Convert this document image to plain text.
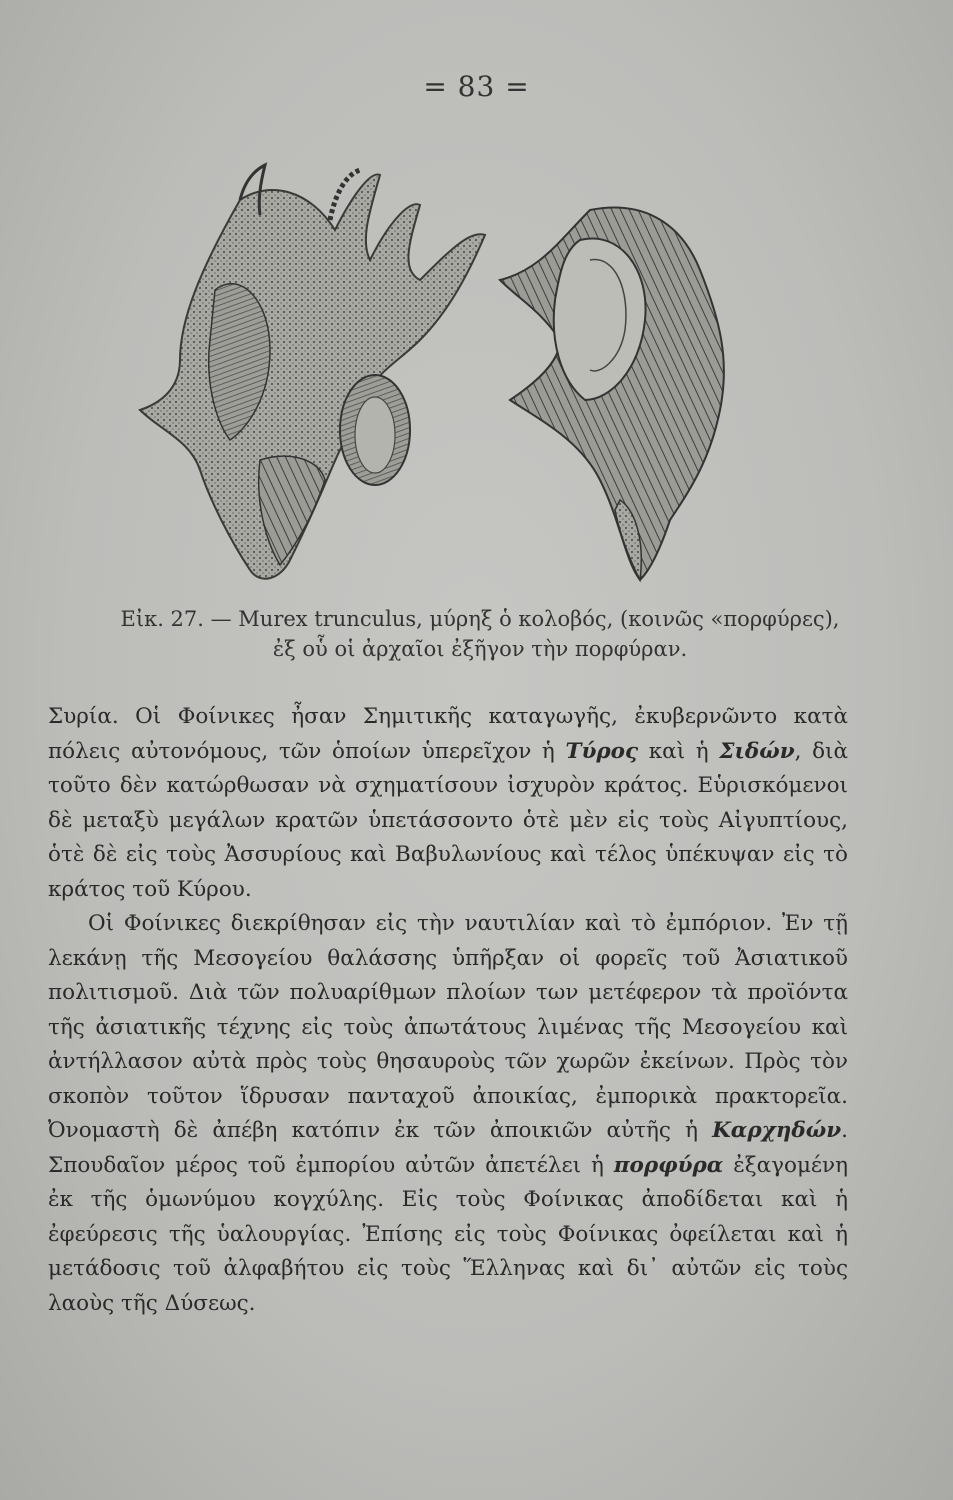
= 83 =
Εἰκ. 27. — Murex trunculus, μύρηξ ὁ κολοβός, (κοινῶς «πορφύρες),
ἐξ οὗ οἱ ἀρχαῖοι ἐξῆγον τὴν πορφύραν.

Συρία. Οἱ Φοίνικες ἦσαν Σημιτικῆς καταγωγῆς, ἐκυβερνῶντο κατὰ πόλεις αὐτονόμους, τῶν ὁποίων ὑπερεῖχον ἡ Τύρος καὶ ἡ Σιδών, διὰ τοῦτο δὲν κατώρθωσαν νὰ σχηματίσουν ἰσχυρὸν κράτος. Εὑρισκόμενοι δὲ μεταξὺ μεγάλων κρατῶν ὑπετάσσοντο ὁτὲ μὲν εἰς τοὺς Αἰγυπτίους, ὁτὲ δὲ εἰς τοὺς Ἀσσυρίους καὶ Βαβυλωνίους καὶ τέλος ὑπέκυψαν εἰς τὸ κράτος τοῦ Κύρου.

Οἱ Φοίνικες διεκρίθησαν εἰς τὴν ναυτιλίαν καὶ τὸ ἐμπόριον. Ἐν τῇ λεκάνῃ τῆς Μεσογείου θαλάσσης ὑπῆρξαν οἱ φορεῖς τοῦ Ἀσιατικοῦ πολιτισμοῦ. Διὰ τῶν πολυαρίθμων πλοίων των μετέφερον τὰ προϊόντα τῆς ἀσιατικῆς τέχνης εἰς τοὺς ἀπωτάτους λιμένας τῆς Μεσογείου καὶ ἀντήλλασον αὐτὰ πρὸς τοὺς θησαυροὺς τῶν χωρῶν ἐκείνων. Πρὸς τὸν σκοπὸν τοῦτον ἵδρυσαν πανταχοῦ ἀποικίας, ἐμπορικὰ πρακτορεῖα. Ὀνομαστὴ δὲ ἀπέβη κατόπιν ἐκ τῶν ἀποικιῶν αὐτῆς ἡ Καρχηδών. Σπουδαῖον μέρος τοῦ ἐμπορίου αὐτῶν ἀπετέλει ἡ πορφύρα ἐξαγομένη ἐκ τῆς ὁμωνύμου κογχύλης. Εἰς τοὺς Φοίνικας ἀποδίδεται καὶ ἡ ἐφεύρεσις τῆς ὑαλουργίας. Ἐπίσης εἰς τοὺς Φοίνικας ὀφείλεται καὶ ἡ μετάδοσις τοῦ ἀλφαβήτου εἰς τοὺς Ἕλληνας καὶ δι᾽ αὐτῶν εἰς τοὺς λαοὺς τῆς Δύσεως.
